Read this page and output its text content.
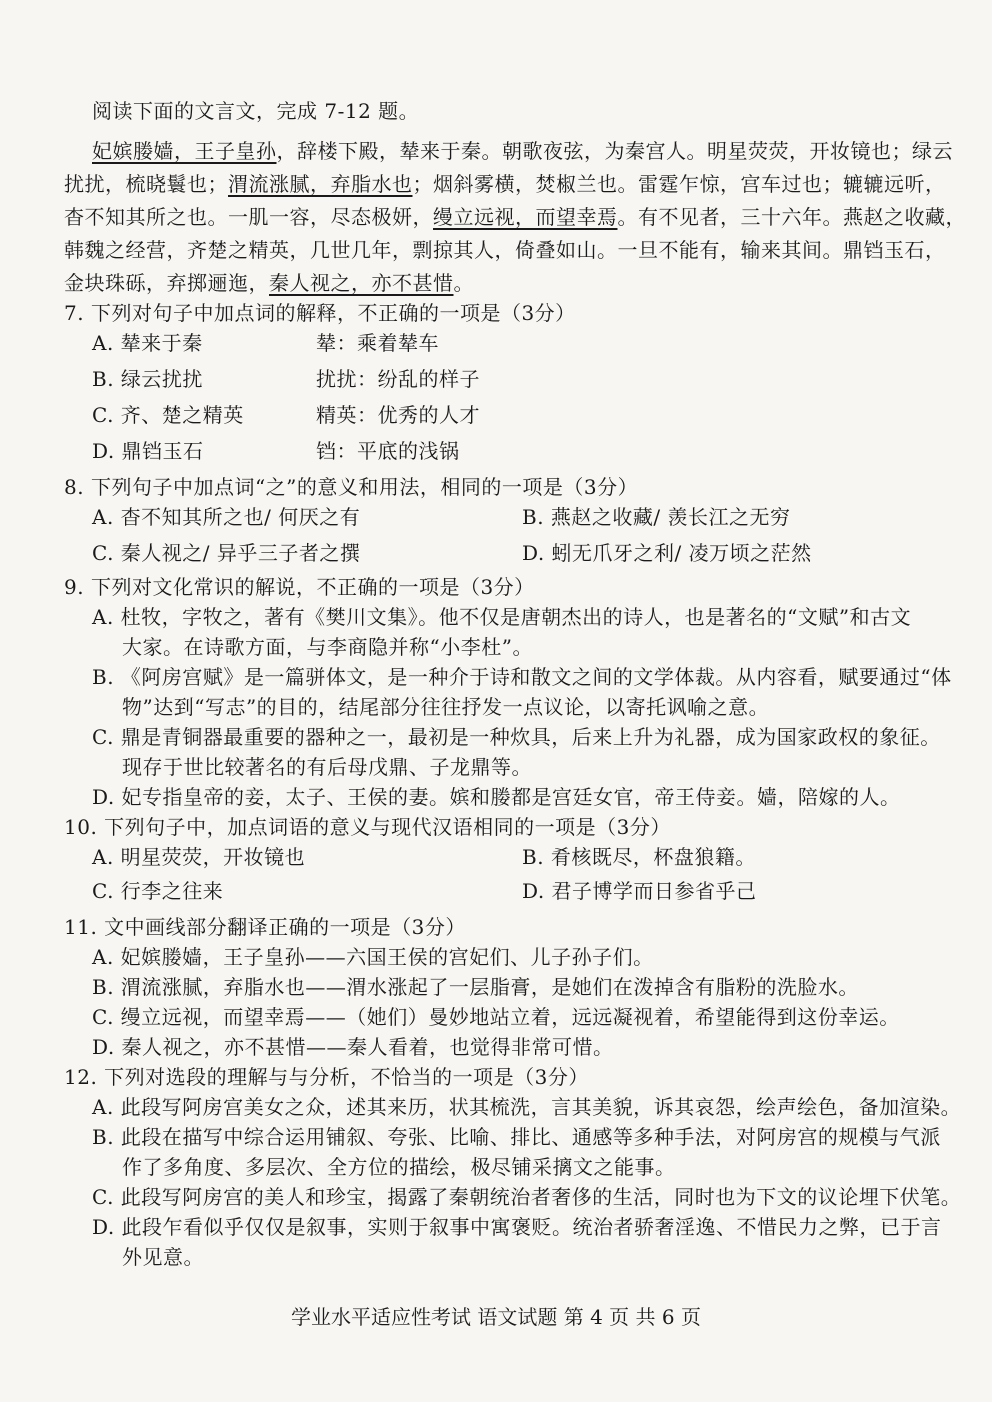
阅读下面的文言文，完成 7-12 题。
妃嫔媵嫱，王子皇孙，辞楼下殿，辇来于秦。朝歌夜弦，为秦宫人。明星荧荧，开妆镜也；绿云
扰扰，梳晓鬟也；渭流涨腻，弃脂水也；烟斜雾横，焚椒兰也。雷霆乍惊，宫车过也；辘辘远听，
杳不知其所之也。一肌一容，尽态极妍，缦立远视，而望幸焉。有不见者，三十六年。燕赵之收藏，
韩魏之经营，齐楚之精英，几世几年，剽掠其人，倚叠如山。一旦不能有，输来其间。鼎铛玉石，
金块珠砾，弃掷逦迤，秦人视之，亦不甚惜。
7. 下列对句子中加点词的解释，不正确的一项是（3分）
A. 辇来于秦	辇：乘着辇车
B. 绿云扰扰	扰扰：纷乱的样子
C. 齐、楚之精英	精英：优秀的人才
D. 鼎铛玉石	铛：平底的浅锅
8. 下列句子中加点词“之”的意义和用法，相同的一项是（3分）
A. 杳不知其所之也/ 何厌之有	B. 燕赵之收藏/ 羡长江之无穷
C. 秦人视之/ 异乎三子者之撰	D. 蚓无爪牙之利/ 凌万顷之茫然
9. 下列对文化常识的解说，不正确的一项是（3分）
A. 杜牧，字牧之，著有《樊川文集》。他不仅是唐朝杰出的诗人，也是著名的“文赋”和古文
大家。在诗歌方面，与李商隐并称“小李杜”。
B. 《阿房宫赋》是一篇骈体文，是一种介于诗和散文之间的文学体裁。从内容看，赋要通过“体
物”达到“写志”的目的，结尾部分往往抒发一点议论，以寄托讽喻之意。
C. 鼎是青铜器最重要的器种之一，最初是一种炊具，后来上升为礼器，成为国家政权的象征。
现存于世比较著名的有后母戊鼎、子龙鼎等。
D. 妃专指皇帝的妾，太子、王侯的妻。嫔和媵都是宫廷女官，帝王侍妾。嫱，陪嫁的人。
10. 下列句子中，加点词语的意义与现代汉语相同的一项是（3分）
A. 明星荧荧，开妆镜也	B. 肴核既尽，杯盘狼籍。
C. 行李之往来	D. 君子博学而日参省乎己
11. 文中画线部分翻译正确的一项是（3分）
A. 妃嫔媵嫱，王子皇孙——六国王侯的宫妃们、儿子孙子们。
B. 渭流涨腻，弃脂水也——渭水涨起了一层脂膏，是她们在泼掉含有脂粉的洗脸水。
C. 缦立远视，而望幸焉——（她们）曼妙地站立着，远远凝视着，希望能得到这份幸运。
D. 秦人视之，亦不甚惜——秦人看着，也觉得非常可惜。
12. 下列对选段的理解与与分析，不恰当的一项是（3分）
A. 此段写阿房宫美女之众，述其来历，状其梳洗，言其美貌，诉其哀怨，绘声绘色，备加渲染。
B. 此段在描写中综合运用铺叙、夸张、比喻、排比、通感等多种手法，对阿房宫的规模与气派
作了多角度、多层次、全方位的描绘，极尽铺采摛文之能事。
C. 此段写阿房宫的美人和珍宝，揭露了秦朝统治者奢侈的生活，同时也为下文的议论埋下伏笔。
D. 此段乍看似乎仅仅是叙事，实则于叙事中寓褒贬。统治者骄奢淫逸、不惜民力之弊，已于言
外见意。
学业水平适应性考试 语文试题 第 4 页 共 6 页
